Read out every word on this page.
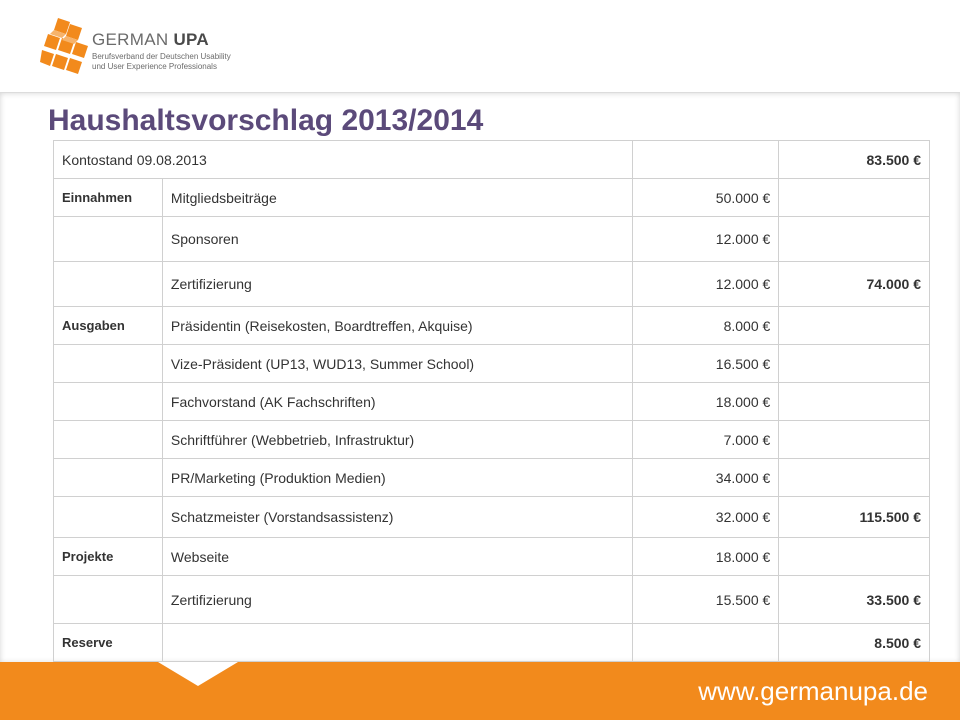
GERMAN UPA
Berufsverband der Deutschen Usability
und User Experience Professionals
Haushaltsvorschlag 2013/2014
Kontostand 09.08.2013			83.500 €
Einnahmen	Mitgliedsbeiträge	50.000 €	
	Sponsoren	12.000 €	
	Zertifizierung	12.000 €	74.000 €
Ausgaben	Präsidentin (Reisekosten, Boardtreffen, Akquise)	8.000 €	
	Vize-Präsident (UP13, WUD13, Summer School)	16.500 €	
	Fachvorstand (AK Fachschriften)	18.000 €	
	Schriftführer (Webbetrieb, Infrastruktur)	7.000 €	
	PR/Marketing (Produktion Medien)	34.000 €	
	Schatzmeister (Vorstandsassistenz)	32.000 €	115.500 €
Projekte	Webseite	18.000 €	
	Zertifizierung	15.500 €	33.500 €
Reserve			8.500 €
www.germanupa.de
